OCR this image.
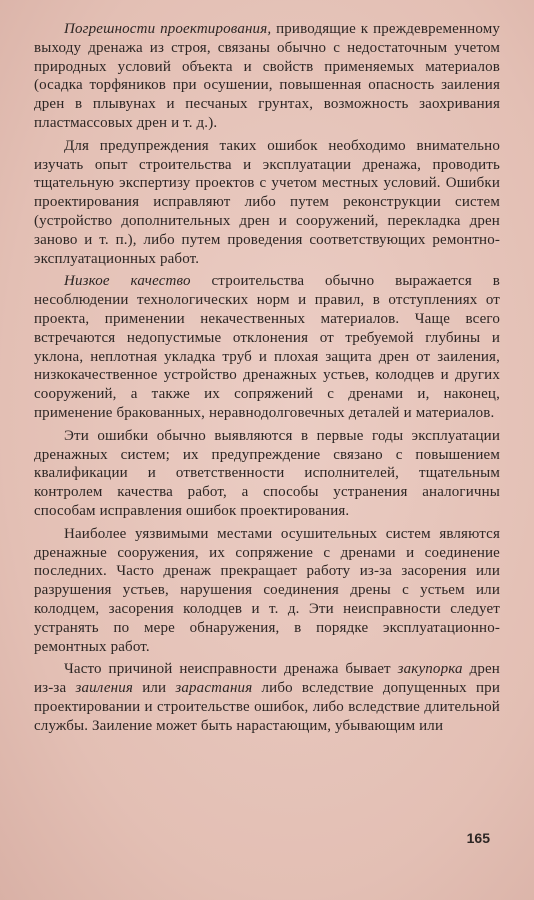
Погрешности проектирования, приводящие к преждевременному выходу дренажа из строя, связаны обычно с недостаточным учетом природных условий объекта и свойств применяемых материалов (осадка торфяников при осушении, повышенная опасность заиления дрен в плывунах и песчаных грунтах, возможность заохривания пластмассовых дрен и т. д.).

Для предупреждения таких ошибок необходимо внимательно изучать опыт строительства и эксплуатации дренажа, проводить тщательную экспертизу проектов с учетом местных условий. Ошибки проектирования исправляют либо путем реконструкции систем (устройство дополнительных дрен и сооружений, перекладка дрен заново и т. п.), либо путем проведения соответствующих ремонтно-эксплуатационных работ.

Низкое качество строительства обычно выражается в несоблюдении технологических норм и правил, в отступлениях от проекта, применении некачественных материалов. Чаще всего встречаются недопустимые отклонения от требуемой глубины и уклона, неплотная укладка труб и плохая защита дрен от заиления, низкокачественное устройство дренажных устьев, колодцев и других сооружений, а также их сопряжений с дренами и, наконец, применение бракованных, неравнодолговечных деталей и материалов.

Эти ошибки обычно выявляются в первые годы эксплуатации дренажных систем; их предупреждение связано с повышением квалификации и ответственности исполнителей, тщательным контролем качества работ, а способы устранения аналогичны способам исправления ошибок проектирования.

Наиболее уязвимыми местами осушительных систем являются дренажные сооружения, их сопряжение с дренами и соединение последних. Часто дренаж прекращает работу из-за засорения или разрушения устьев, нарушения соединения дрены с устьем или колодцем, засорения колодцев и т. д. Эти неисправности следует устранять по мере обнаружения, в порядке эксплуатационно-ремонтных работ.

Часто причиной неисправности дренажа бывает закупорка дрен из-за заиления или зарастания либо вследствие допущенных при проектировании и строительстве ошибок, либо вследствие длительной службы. Заиление может быть нарастающим, убывающим или

165
